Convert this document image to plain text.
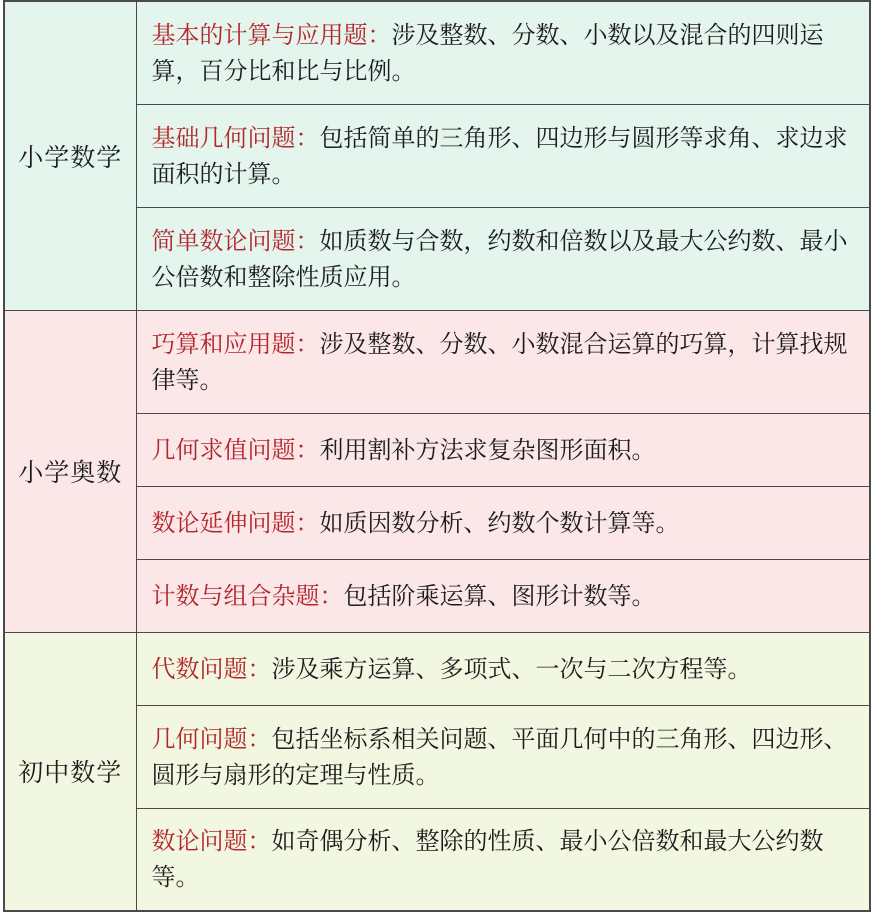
小学数学	基本的计算与应用题：涉及整数、分数、小数以及混合的四则运算，百分比和比与比例。
	基础几何问题：包括简单的三角形、四边形与圆形等求角、求边求面积的计算。
	简单数论问题：如质数与合数，约数和倍数以及最大公约数、最小公倍数和整除性质应用。
小学奥数	巧算和应用题：涉及整数、分数、小数混合运算的巧算，计算找规律等。
	几何求值问题：利用割补方法求复杂图形面积。
	数论延伸问题：如质因数分析、约数个数计算等。
	计数与组合杂题：包括阶乘运算、图形计数等。
初中数学	代数问题：涉及乘方运算、多项式、一次与二次方程等。
	几何问题：包括坐标系相关问题、平面几何中的三角形、四边形、圆形与扇形的定理与性质。
	数论问题：如奇偶分析、整除的性质、最小公倍数和最大公约数等。
